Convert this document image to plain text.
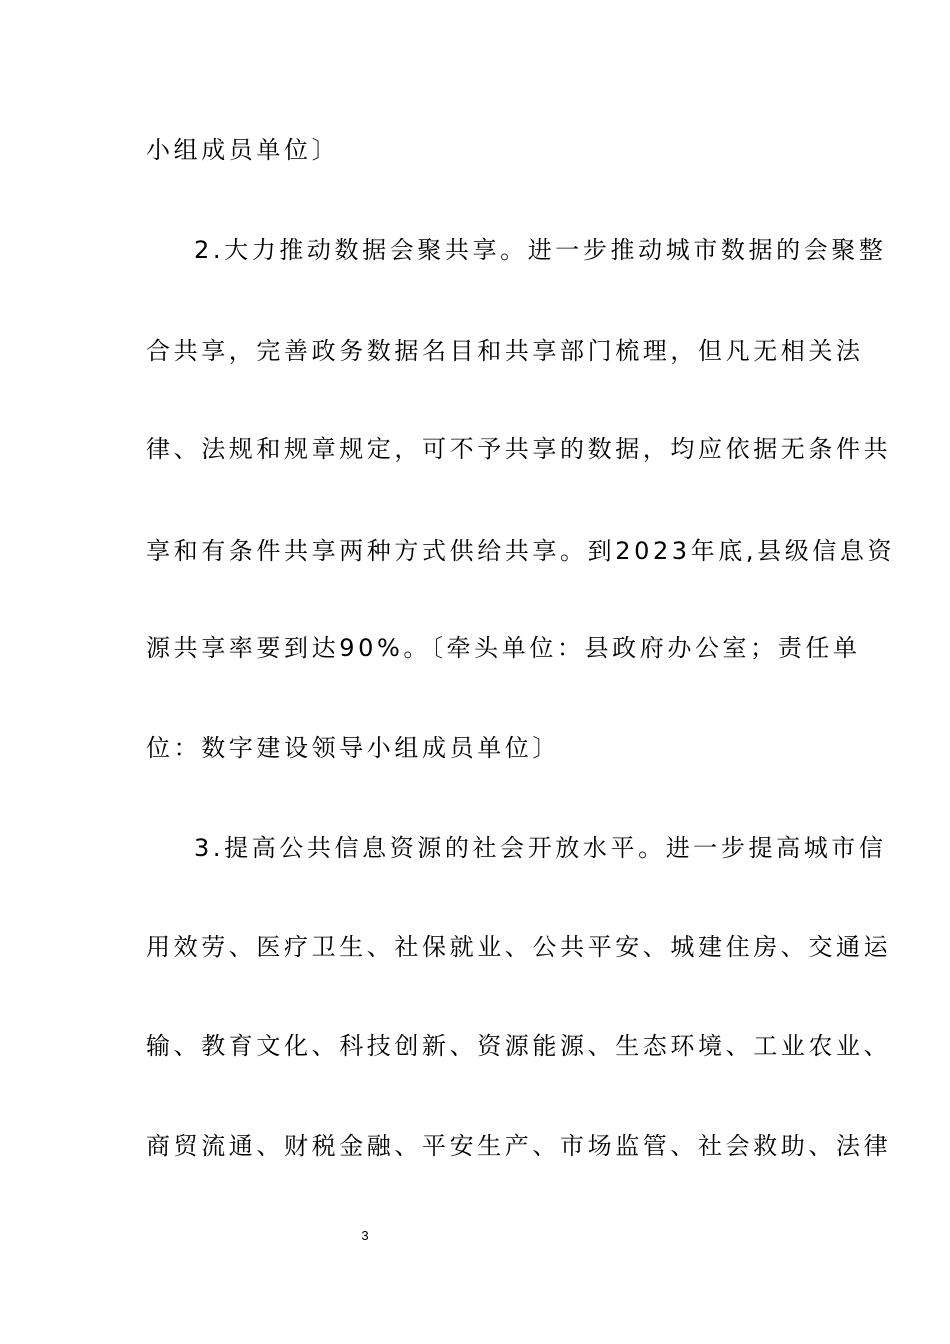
小组成员单位〕
2.大力推动数据会聚共享。进一步推动城市数据的会聚整
合共享，完善政务数据名目和共享部门梳理，但凡无相关法
律、法规和规章规定，可不予共享的数据，均应依据无条件共
享和有条件共享两种方式供给共享。到2023年底,县级信息资
源共享率要到达90%。〔牵头单位：县政府办公室；责任单
位：数字建设领导小组成员单位〕
3.提高公共信息资源的社会开放水平。进一步提高城市信
用效劳、医疗卫生、社保就业、公共平安、城建住房、交通运
输、教育文化、科技创新、资源能源、生态环境、工业农业、
商贸流通、财税金融、平安生产、市场监管、社会救助、法律
3
